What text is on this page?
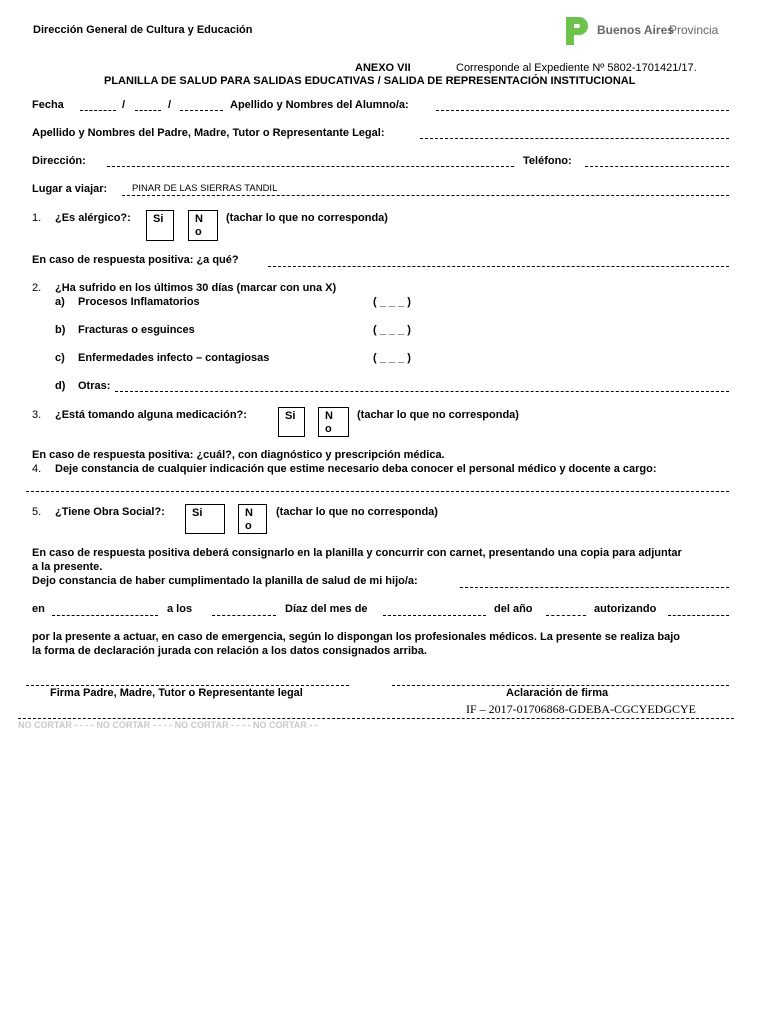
Dirección General de Cultura y Educación	Buenos Aires
Provincia
ANEXO VII	Corresponde al Expediente Nº 5802-1701421/17.
PLANILLA DE SALUD PARA SALIDAS EDUCATIVAS / SALIDA DE REPRESENTACIÓN INSTITUCIONAL
Fecha	/	/	Apellido y Nombres del Alumno/a:
Apellido y Nombres del Padre, Madre, Tutor o Representante Legal:
Dirección:	Teléfono:
Lugar a viajar:	PINAR DE LAS SIERRAS TANDIL
1. ¿Es alérgico?:	Si	N
o
(tachar lo que no corresponda)
En caso de respuesta positiva: ¿a qué?
2. ¿Ha sufrido en los últimos 30 días (marcar con una X)
a) Procesos Inflamatorios	( _ _ _ )
b) Fracturas o esguinces	( _ _ _ )
c) Enfermedades infecto – contagiosas	( _ _ _ )
d) Otras:
3. ¿Está tomando alguna medicación?:	Si	N
o
(tachar lo que no corresponda)
En caso de respuesta positiva: ¿cuál?, con diagnóstico y prescripción médica.
4. Deje constancia de cualquier indicación que estime necesario deba conocer el personal médico y docente a cargo:
5. ¿Tiene Obra Social?:	Si	N
o
(tachar lo que no corresponda)
En caso de respuesta positiva deberá consignarlo en la planilla y concurrir con carnet, presentando una copia para adjuntar
a la presente.
Dejo constancia de haber cumplimentado la planilla de salud de mi hijo/a:
en	a los	Díaz del mes de	del año	autorizando
por la presente a actuar, en caso de emergencia, según lo dispongan los profesionales médicos. La presente se realiza bajo
la forma de declaración jurada con relación a los datos consignados arriba.
Firma Padre, Madre, Tutor o Representante legal	Aclaración de firma
IF – 2017-01706868-GDEBA-CGCYEDGCYE
NO CORTAR - - - - NO CORTAR - - - - NO CORTAR - - - - NO CORTAR - -
